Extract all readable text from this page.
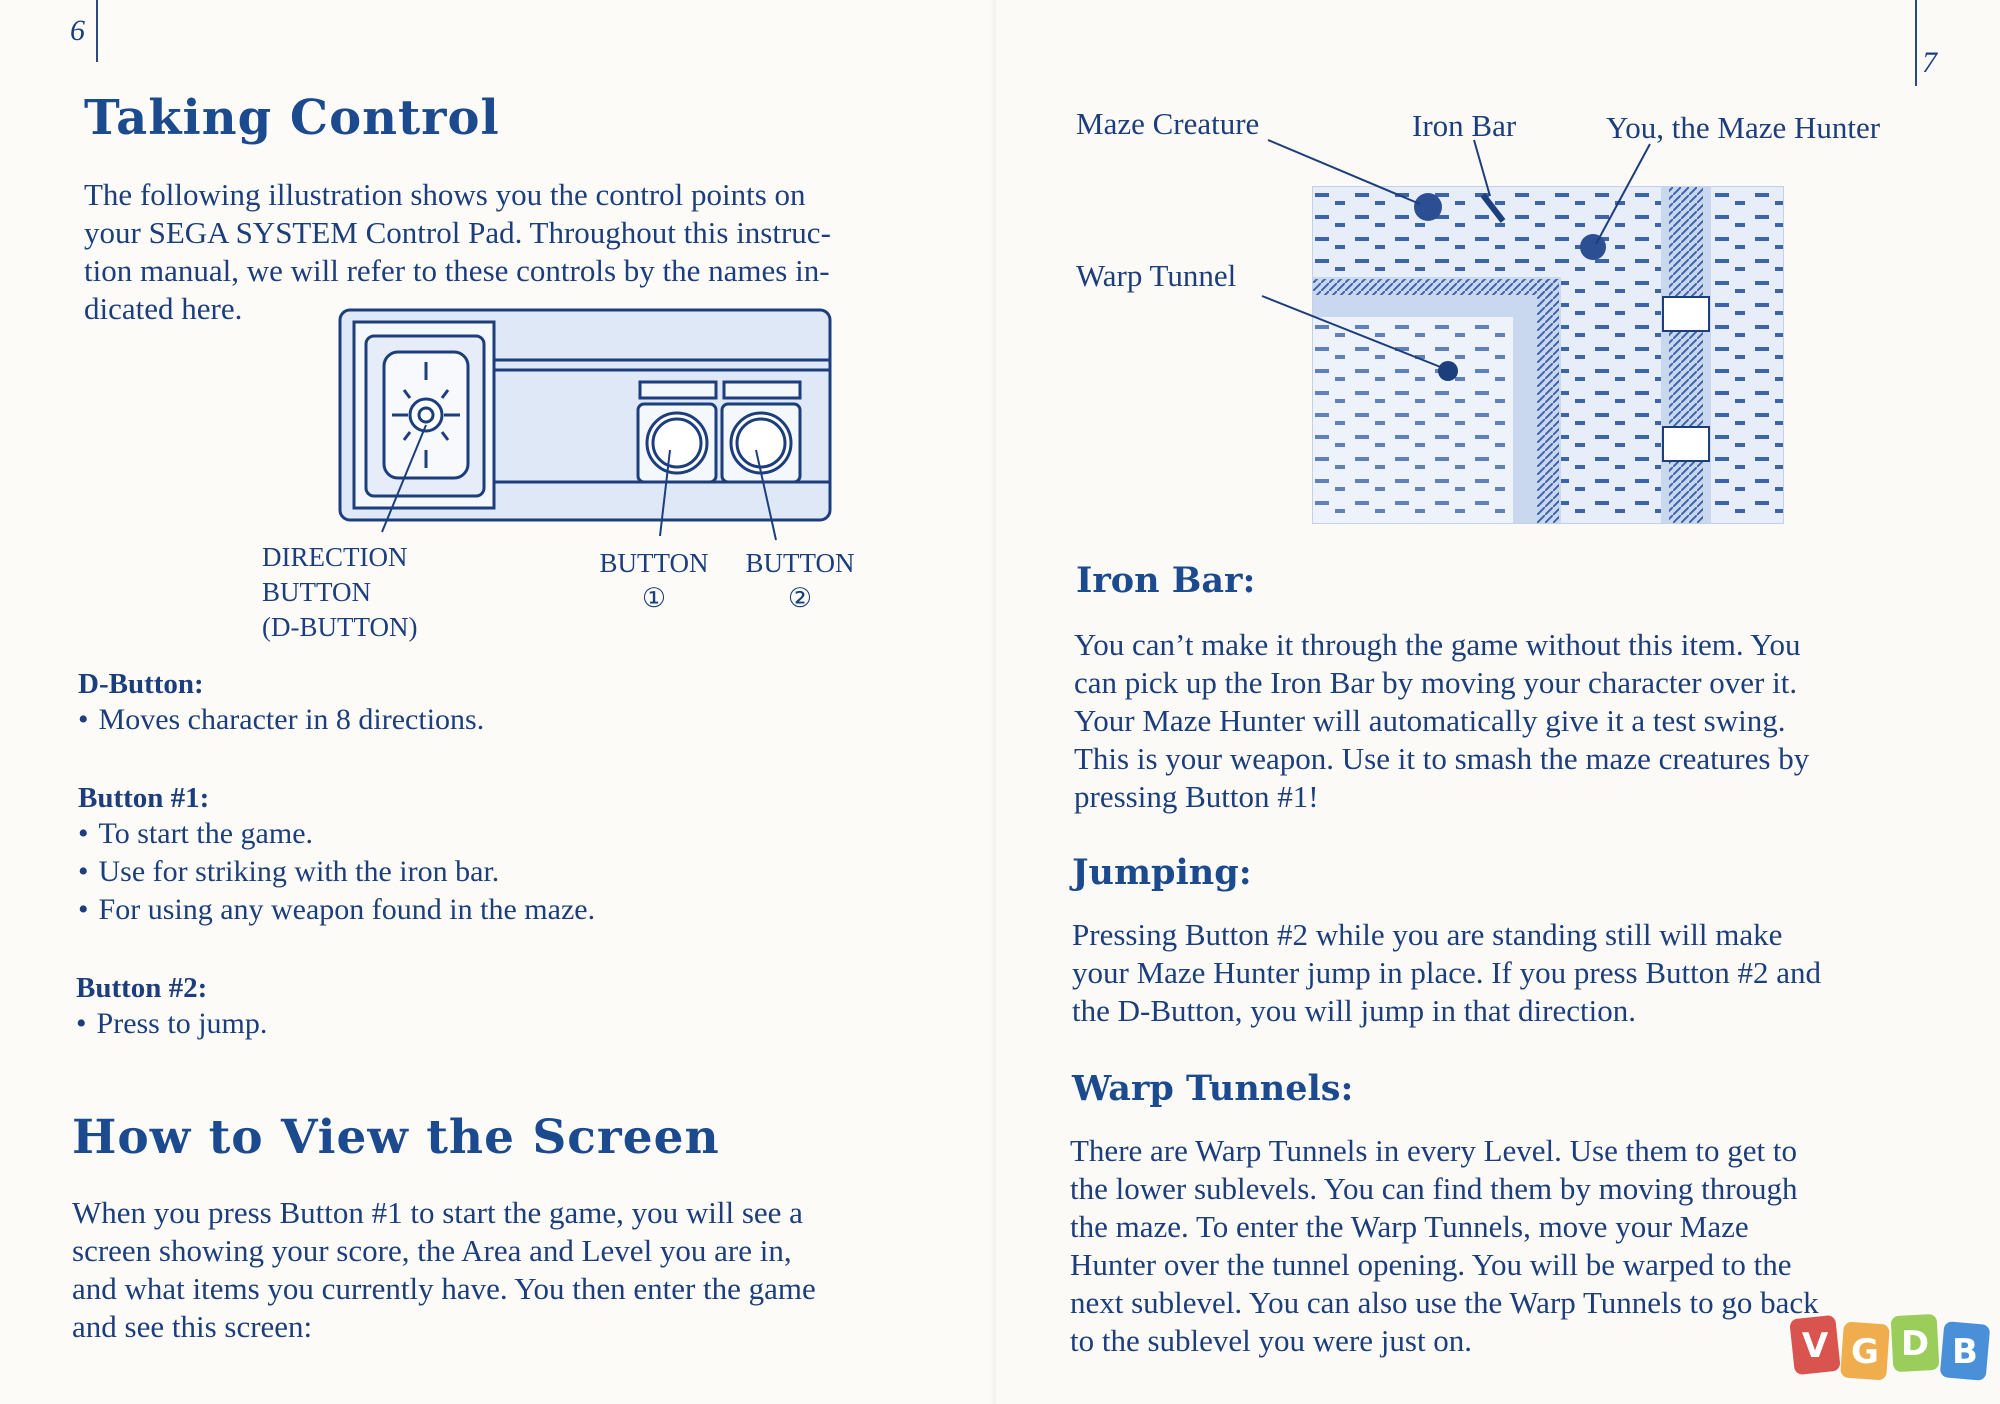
6
Taking Control

The following illustration shows you the control points on

your SEGA SYSTEM Control Pad. Throughout this instruc-

tion manual, we will refer to these controls by the names in-

dicated here.

DIRECTION
BUTTON
(D-BUTTON)
BUTTON
①
BUTTON
②
D-Button:
• Moves character in 8 directions.
Button #1:
• To start the game.
• Use for striking with the iron bar.
• For using any weapon found in the maze.
Button #2:
• Press to jump.
How to View the Screen

When you press Button #1 to start the game, you will see a

screen showing your score, the Area and Level you are in,

and what items you currently have. You then enter the game

and see this screen:

7
Maze Creature	Iron Bar	You, the Maze Hunter
Warp Tunnel
Iron Bar:

You can’t make it through the game without this item. You

can pick up the Iron Bar by moving your character over it.

Your Maze Hunter will automatically give it a test swing.

This is your weapon. Use it to smash the maze creatures by

pressing Button #1!

Jumping:

Pressing Button #2 while you are standing still will make

your Maze Hunter jump in place. If you press Button #2 and

the D-Button, you will jump in that direction.

Warp Tunnels:

There are Warp Tunnels in every Level. Use them to get to

the lower sublevels. You can find them by moving through

the maze. To enter the Warp Tunnels, move your Maze

Hunter over the tunnel opening. You will be warped to the

next sublevel. You can also use the Warp Tunnels to go back

to the sublevel you were just on.	V G D B
